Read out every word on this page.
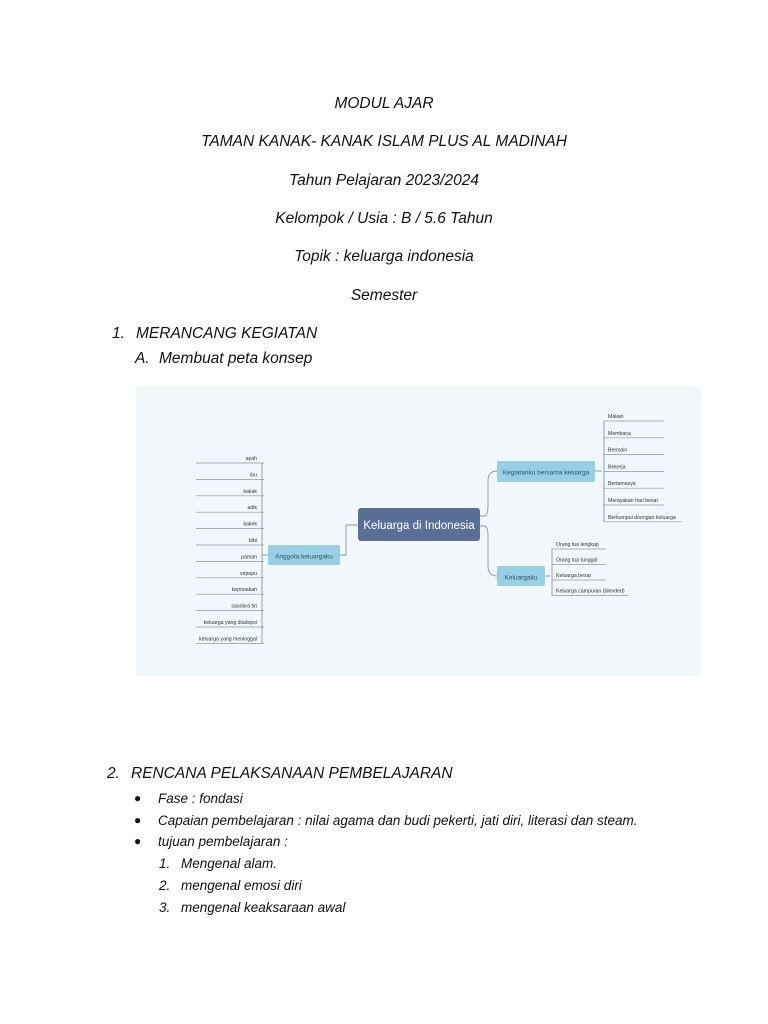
MODUL AJAR

TAMAN KANAK- KANAK ISLAM PLUS AL MADINAH

Tahun Pelajaran 2023/2024

Kelompok / Usia : B / 5.6 Tahun

Topik : keluarga indonesia

Semester

1. MERANCANG KEGIATAN
A. Membuat peta konsep
Keluarga di Indonesia
Anggota keluargaku
Kegiatanku bersama keluarga
Keluargaku
ayah
ibu
kakak
adik
kakek
bibi
paman
sepupu
keponakan
saudara tiri
keluarga yang diadopsi
keluarga yang meninggal
Makan
Membaca
Bermain
Bekerja
Bertamasya
Merayakan hari besar
Berkumpul doengan keluarga
Orang tua lengkap
Orang tua tunggal
Keluarga besar
Keluarga campuran (blended)
2. RENCANA PELAKSANAAN PEMBELAJARAN
● Fase : fondasi
● Capaian pembelajaran : nilai agama dan budi pekerti, jati diri, literasi dan steam.
● tujuan pembelajaran :
1. Mengenal alam.
2. mengenal emosi diri
3. mengenal keaksaraan awal
